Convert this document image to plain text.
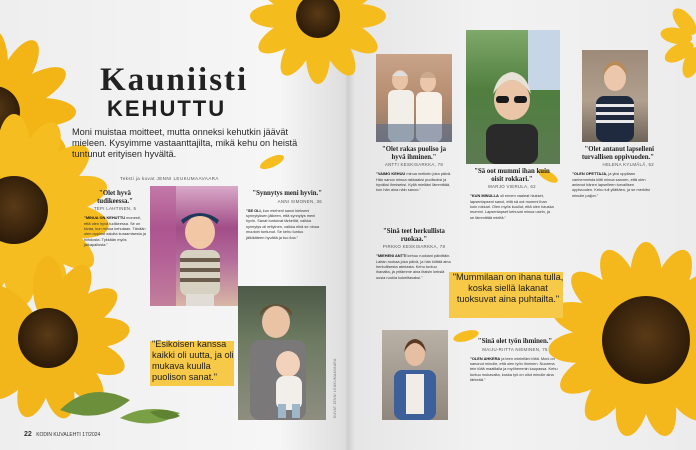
Kauniisti
KEHUTTU
Moni muistaa moitteet, mutta onneksi kehutkin jäävät mieleen. Kysyimme vastaanttajilta, mikä kehu on heistä tuntunut erityisen hyvältä.
Teksti ja kuvat JENNI LEUKUMAAVAARA
"Olet hyvä tudikeessa."
TEPI LAHTINEN, 5
"MINUA ON KEHUTTU monesti, että olen hyvä tudikeessa. Se on kivaa, kun minua kehutaan. Tänään olen oppinut asioita kuraamisesta ja hiihdosta. Tykkään myös jalkapallosta."
"Synnytys meni hyvin."
ANNI SIMONEN, 36
"SE OLI, kun mieheni sanoi kiekseni synnytyksen jälkeen, että synnytys meni hyvin. Sanat tuntuivat tärkeiltä, vaikka synnytys oli erityinen, vaikka eikä se ninua muutoin tuntunut. Se kehu tuntuu jälkikäteen hyvältä ja tuo iloa."
"Esikoisen kanssa kaikki oli uutta, ja oli mukava kuulla puolison sanat."
22 KODIN KUVALEHTI 17/2024
KUVAT JENNI LEUKUMAAVAARA
"Olet rakas puoliso ja hyvä ihminen."
ANTTI KESKISARKKA, 78
"VAIMO KEHUU minua melkein joka päivä. Hän sanoo minua rakkaaksi puolisoksi ja hyväksi ihmiseksi. Kyllä mieltäni lämmittää, kun hän aina näin sanoo."
"Sinä teet herkullista ruokaa."
PIRKKO KESKISARKKA, 78
"MIEHENI ANTTI kehuu ruokiani päivittäin. Laitan ruokaa joka päivä, ja hän kiittää aina herkullisesta ateriasta. Kehu tuntuu ihanalta, ja yritämme aina iltaisin keksiä uusia ruokia kokeiltavaksi."
"Sä oot mummi ihan kuin oisit rokkari."
MARJO VIERULA, 62
"KUN MINULLA oli ennen vaaleat hiukset, lapsenlapseni sanoi, että sä oot mummi ihan kuin rokkari. Olen myös kuullut, että olen hauska mummi. Lapsenlapset kehuvat minua usein, ja se lämmittää mieltä."
"Mummilaan on ihana tulla, koska siellä lakanat tuoksuvat aina puhtailta."
"Sinä olet työn ihminen."
MAIJU-RIITTA NIEMINEN, 75
"OLEN AHKERA ja teen mielelläni töitä. Moni on sanonut minulle, että olen työn ihminen. Nuorena tein töitä maatilalla ja myöhemmin kaupassa. Kehu tuntuu mukavalta, koska työ on ollut minulle aina tärkeää."
"Olet antanut lapselleni turvallisen oppivuoden."
HELENA KYLMÄLÄ, 52
"OLEN OPETTAJA, ja yksi oppilaan vanhemmista kiitti minua sanoen, että olen antanut hänen lapselleen turvallisen oppivuoden. Kehu tuli yllättäen, ja se merkitsi minulle paljon."
